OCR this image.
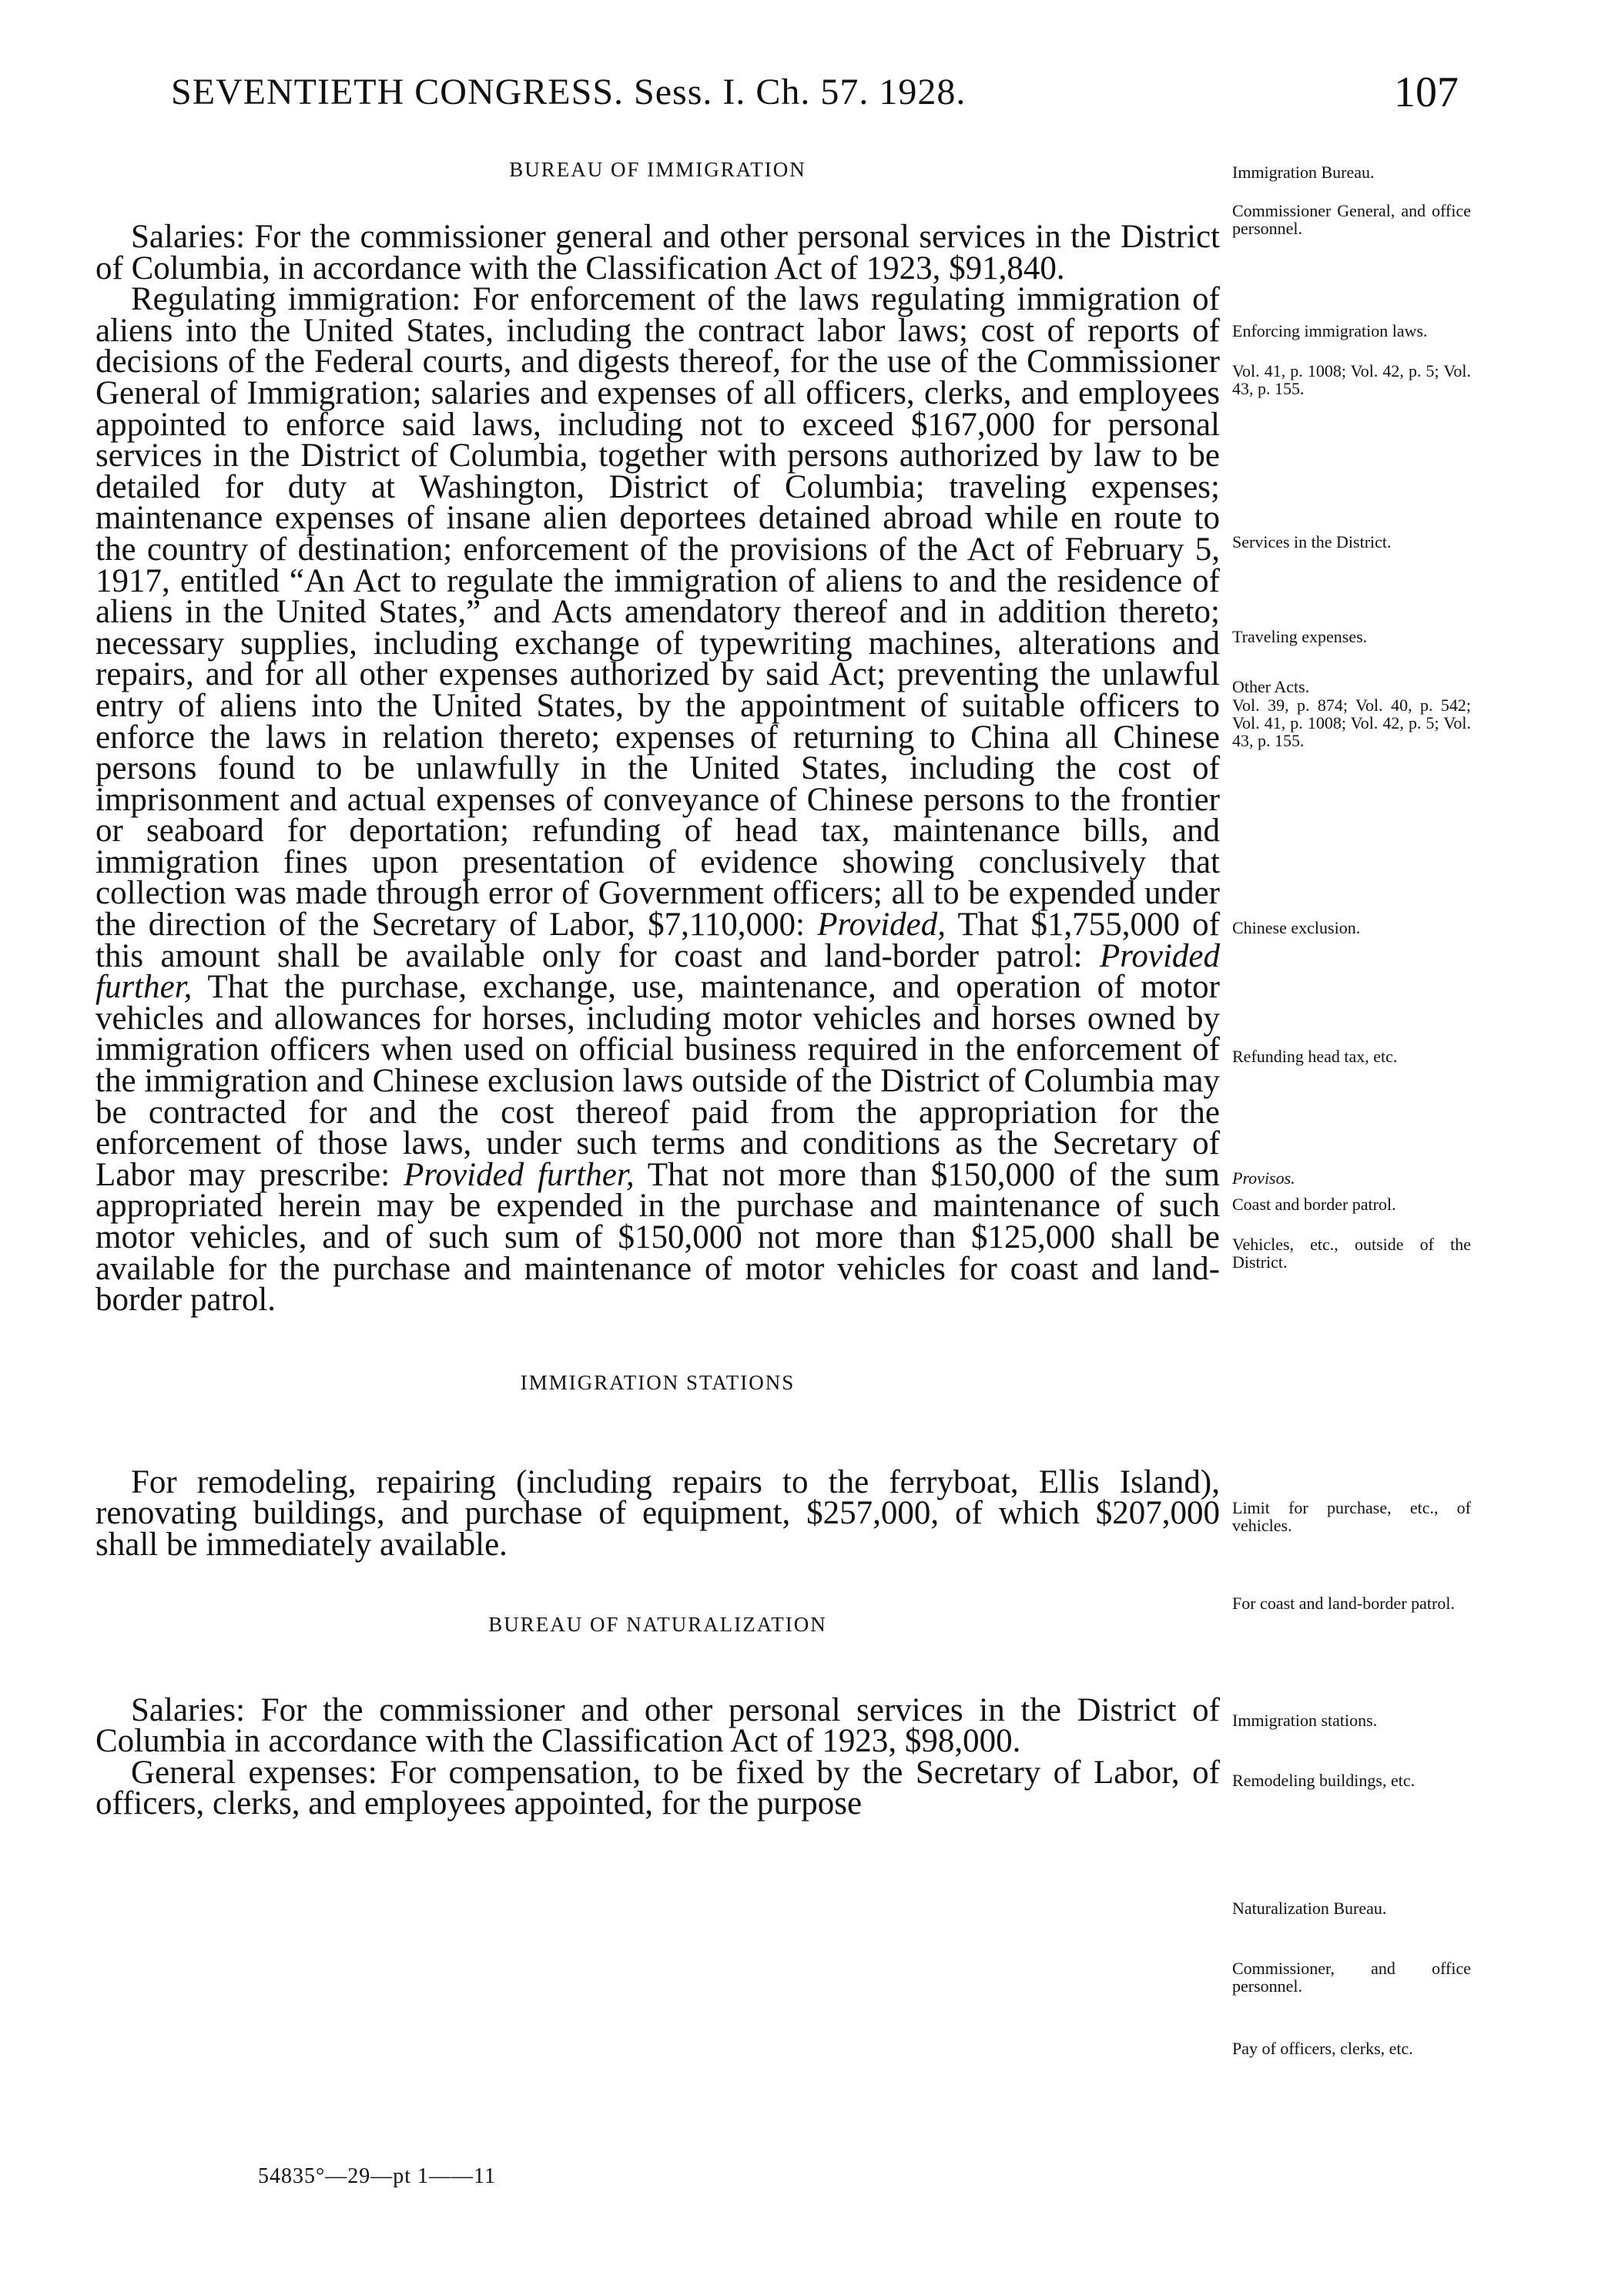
SEVENTIETH CONGRESS. Sess. I. Ch. 57. 1928.	107
BUREAU OF IMMIGRATION

Salaries: For the commissioner general and other personal services in the District of Columbia, in accordance with the Classification Act of 1923, $91,840.

Regulating immigration: For enforcement of the laws regulating immigration of aliens into the United States, including the contract labor laws; cost of reports of decisions of the Federal courts, and digests thereof, for the use of the Commissioner General of Immigration; salaries and expenses of all officers, clerks, and employees appointed to enforce said laws, including not to exceed $167,000 for personal services in the District of Columbia, together with persons authorized by law to be detailed for duty at Washington, District of Columbia; traveling expenses; maintenance expenses of insane alien deportees detained abroad while en route to the country of destination; enforcement of the provisions of the Act of February 5, 1917, entitled “An Act to regulate the immigration of aliens to and the residence of aliens in the United States,” and Acts amendatory thereof and in addition thereto; necessary supplies, including exchange of typewriting machines, alterations and repairs, and for all other expenses authorized by said Act; preventing the unlawful entry of aliens into the United States, by the appointment of suitable officers to enforce the laws in relation thereto; expenses of returning to China all Chinese persons found to be unlawfully in the United States, including the cost of imprisonment and actual expenses of conveyance of Chinese persons to the frontier or seaboard for deportation; refunding of head tax, maintenance bills, and immigration fines upon presentation of evidence showing conclusively that collection was made through error of Government officers; all to be expended under the direction of the Secretary of Labor, $7,110,000: Provided, That $1,755,000 of this amount shall be available only for coast and land-border patrol: Provided further, That the purchase, exchange, use, maintenance, and operation of motor vehicles and allowances for horses, including motor vehicles and horses owned by immigration officers when used on official business required in the enforcement of the immigration and Chinese exclusion laws outside of the District of Columbia may be contracted for and the cost thereof paid from the appropriation for the enforcement of those laws, under such terms and conditions as the Secretary of Labor may prescribe: Provided further, That not more than $150,000 of the sum appropriated herein may be expended in the purchase and maintenance of such motor vehicles, and of such sum of $150,000 not more than $125,000 shall be available for the purchase and maintenance of motor vehicles for coast and land-border patrol.

IMMIGRATION STATIONS

For remodeling, repairing (including repairs to the ferryboat, Ellis Island), renovating buildings, and purchase of equipment, $257,000, of which $207,000 shall be immediately available.

BUREAU OF NATURALIZATION

Salaries: For the commissioner and other personal services in the District of Columbia in accordance with the Classification Act of 1923, $98,000.

General expenses: For compensation, to be fixed by the Secretary of Labor, of officers, clerks, and employees appointed, for the purpose

Immigration Bureau.
Commissioner General, and office personnel.
Enforcing immigration laws.
Vol. 41, p. 1008; Vol. 42, p. 5; Vol. 43, p. 155.
Services in the District.
Traveling expenses.
Other Acts.
Vol. 39, p. 874; Vol. 40, p. 542; Vol. 41, p. 1008; Vol. 42, p. 5; Vol. 43, p. 155.
Chinese exclusion.
Refunding head tax, etc.
Provisos.
Coast and border patrol.
Vehicles, etc., outside of the District.
Limit for purchase, etc., of vehicles.
For coast and land-border patrol.
Immigration stations.
Remodeling buildings, etc.
Naturalization Bureau.
Commissioner, and office personnel.
Pay of officers, clerks, etc.
54835°—29—pt 1——11
